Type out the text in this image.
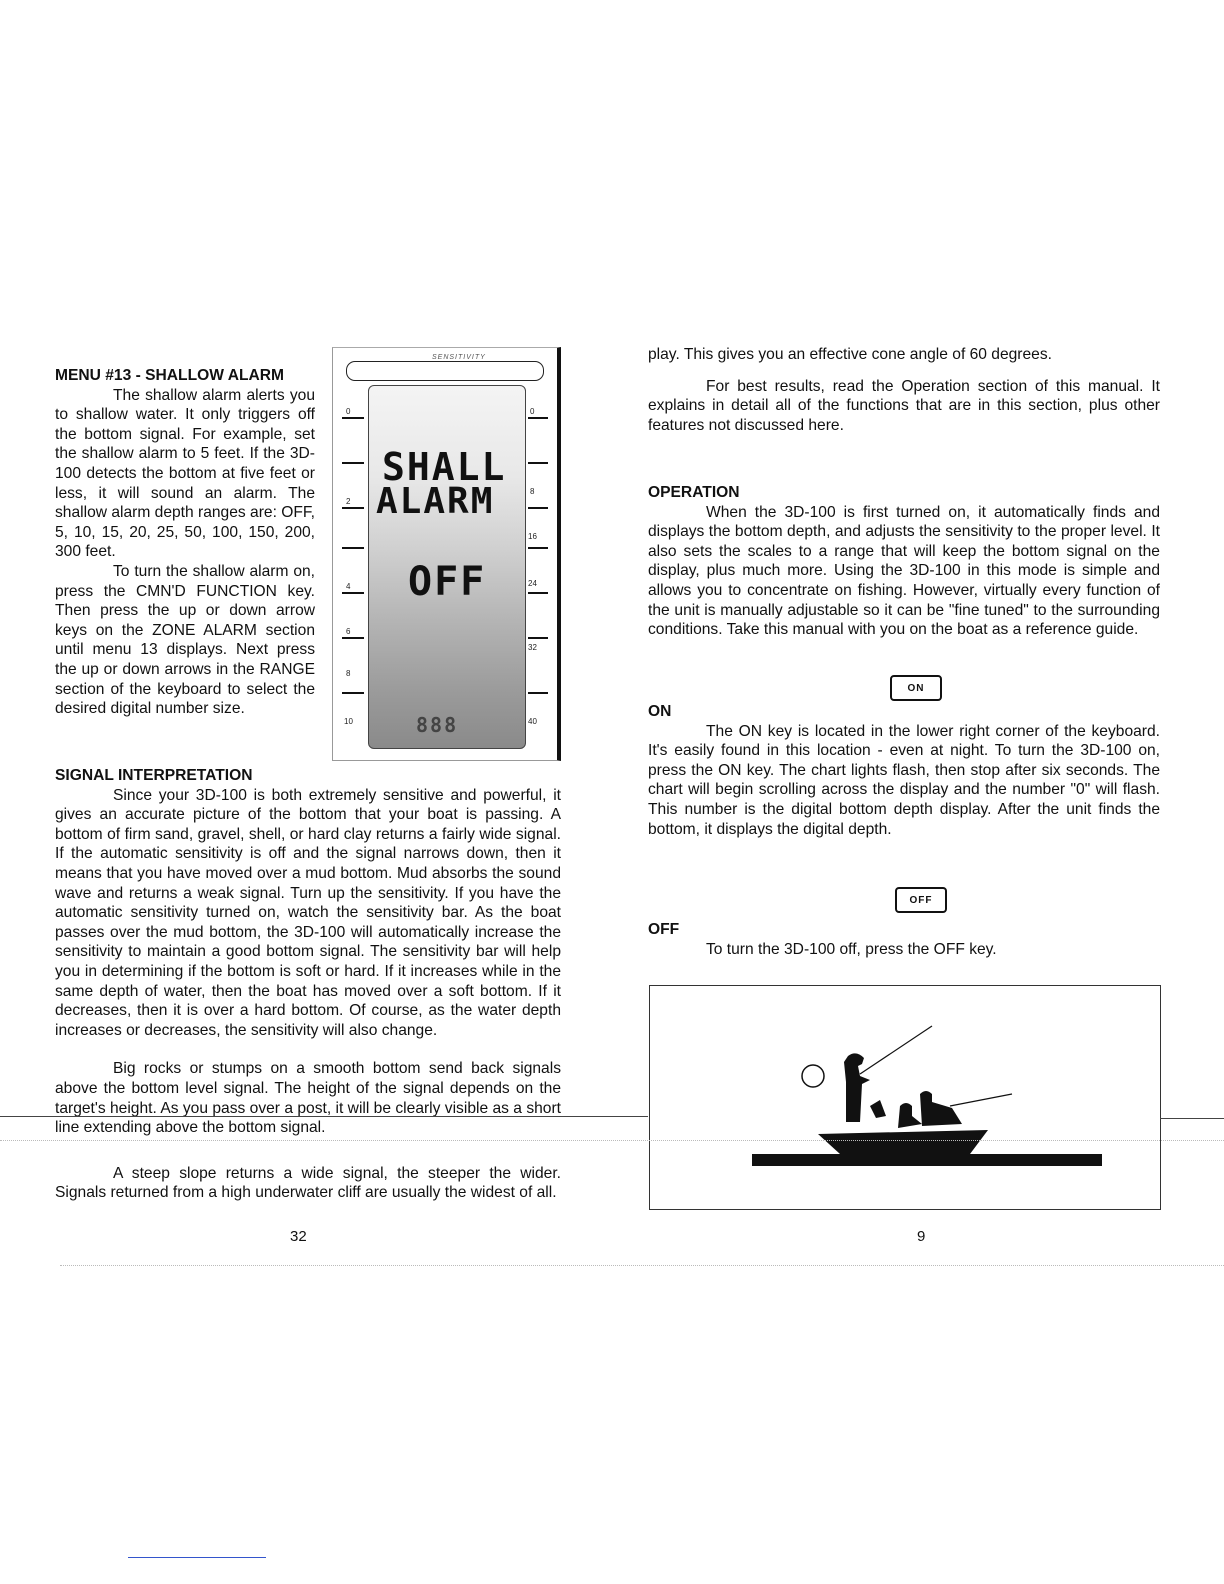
MENU #13 - SHALLOW ALARM

The shallow alarm alerts you to shallow water. It only triggers off the bottom signal. For example, set the shallow alarm to 5 feet. If the 3D-100 detects the bottom at five feet or less, it will sound an alarm. The shallow alarm depth ranges are: OFF, 5, 10, 15, 20, 25, 50, 100, 150, 200, 300 feet.

To turn the shallow alarm on, press the CMN'D FUNCTION key. Then press the up or down arrow keys on the ZONE ALARM section until menu 13 displays. Next press the up or down arrows in the RANGE section of the keyboard to select the desired digital number size.

SENSITIVITY
SHALL
ALARM
OFF
888
0
2
4
6
8
10
0
8
16
24
32
40

SIGNAL INTERPRETATION

Since your 3D-100 is both extremely sensitive and powerful, it gives an accurate picture of the bottom that your boat is passing. A bottom of firm sand, gravel, shell, or hard clay returns a fairly wide signal. If the automatic sensitivity is off and the signal narrows down, then it means that you have moved over a mud bottom. Mud absorbs the sound wave and returns a weak signal. Turn up the sensitivity. If you have the automatic sensitivity turned on, watch the sensitivity bar. As the boat passes over the mud bottom, the 3D-100 will automatically increase the sensitivity to maintain a good bottom signal. The sensitivity bar will help you in determining if the bottom is soft or hard. If it increases while in the same depth of water, then the boat has moved over a soft bottom. If it decreases, then it is over a hard bottom. Of course, as the water depth increases or decreases, the sensitivity will also change.

Big rocks or stumps on a smooth bottom send back signals above the bottom level signal. The height of the signal depends on the target's height. As you pass over a post, it will be clearly visible as a short line extending above the bottom signal.

A steep slope returns a wide signal, the steeper the wider. Signals returned from a high underwater cliff are usually the widest of all.

32

play. This gives you an effective cone angle of 60 degrees.

For best results, read the Operation section of this manual. It explains in detail all of the functions that are in this section, plus other features not discussed here.

OPERATION

When the 3D-100 is first turned on, it automatically finds and displays the bottom depth, and adjusts the sensitivity to the proper level. It also sets the scales to a range that will keep the bottom signal on the display, plus much more. Using the 3D-100 in this mode is simple and allows you to concentrate on fishing. However, virtually every function of the unit is manually adjustable so it can be "fine tuned" to the surrounding conditions. Take this manual with you on the boat as a reference guide.

ON

ON

The ON key is located in the lower right corner of the keyboard. It's easily found in this location - even at night. To turn the 3D-100 on, press the ON key. The chart lights flash, then stop after six seconds. The chart will begin scrolling across the display and the number "0" will flash. This number is the digital bottom depth display. After the unit finds the bottom, it displays the digital depth.

OFF

OFF

To turn the 3D-100 off, press the OFF key.

9
